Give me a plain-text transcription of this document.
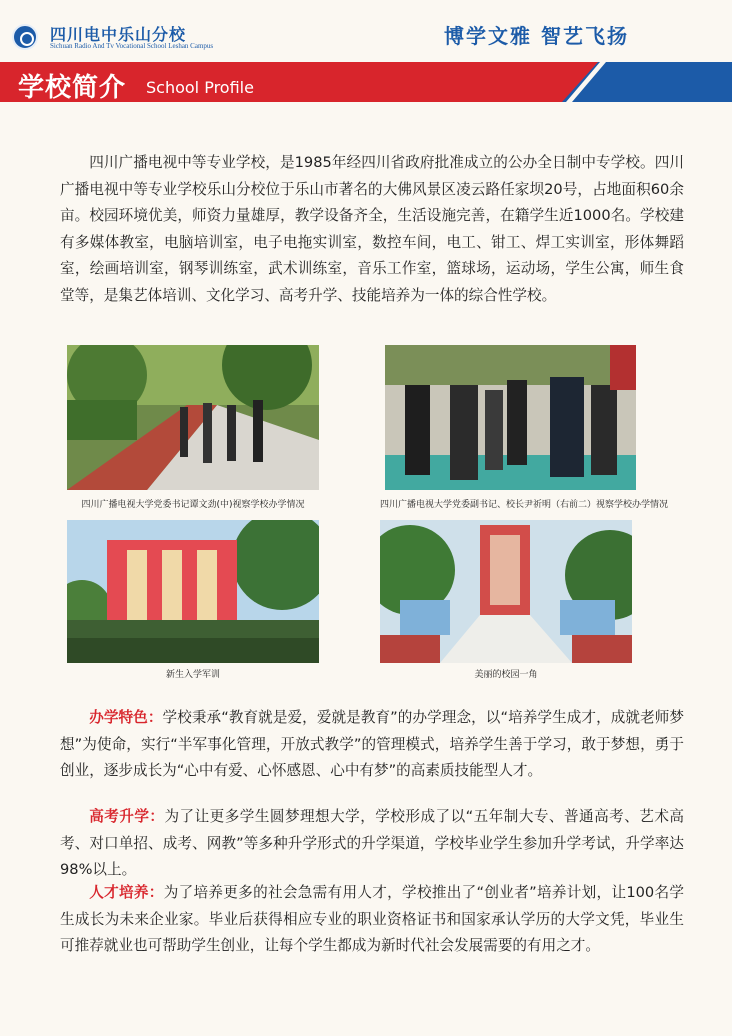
四川电中乐山分校
Sichuan Radio And Tv Vocational School Leshan Campus	博学文雅 智艺飞扬
学校简介 School Profile

四川广播电视中等专业学校，是1985年经四川省政府批准成立的公办全日制中专学校。四川广播电视中等专业学校乐山分校位于乐山市著名的大佛风景区凌云路任家坝20号，占地面积60余亩。校园环境优美，师资力量雄厚，教学设备齐全，生活设施完善，在籍学生近1000名。学校建有多媒体教室，电脑培训室，电子电拖实训室，数控车间，电工、钳工、焊工实训室，形体舞蹈室，绘画培训室，钢琴训练室，武术训练室，音乐工作室，篮球场，运动场，学生公寓，师生食堂等，是集艺体培训、文化学习、高考升学、技能培养为一体的综合性学校。

四川广播电视大学党委书记谭文劲(中)视察学校办学情况	四川广播电视大学党委副书记、校长尹祈明（右前二）视察学校办学情况
新生入学军训	美丽的校园一角

办学特色：学校秉承“教育就是爱，爱就是教育”的办学理念，以“培养学生成才，成就老师梦想”为使命，实行“半军事化管理，开放式教学”的管理模式，培养学生善于学习，敢于梦想，勇于创业，逐步成长为“心中有爱、心怀感恩、心中有梦”的高素质技能型人才。

高考升学：为了让更多学生圆梦理想大学，学校形成了以“五年制大专、普通高考、艺术高考、对口单招、成考、网教”等多种升学形式的升学渠道，学校毕业学生参加升学考试，升学率达98%以上。

人才培养：为了培养更多的社会急需有用人才，学校推出了“创业者”培养计划，让100名学生成长为未来企业家。毕业后获得相应专业的职业资格证书和国家承认学历的大学文凭，毕业生可推荐就业也可帮助学生创业，让每个学生都成为新时代社会发展需要的有用之才。
